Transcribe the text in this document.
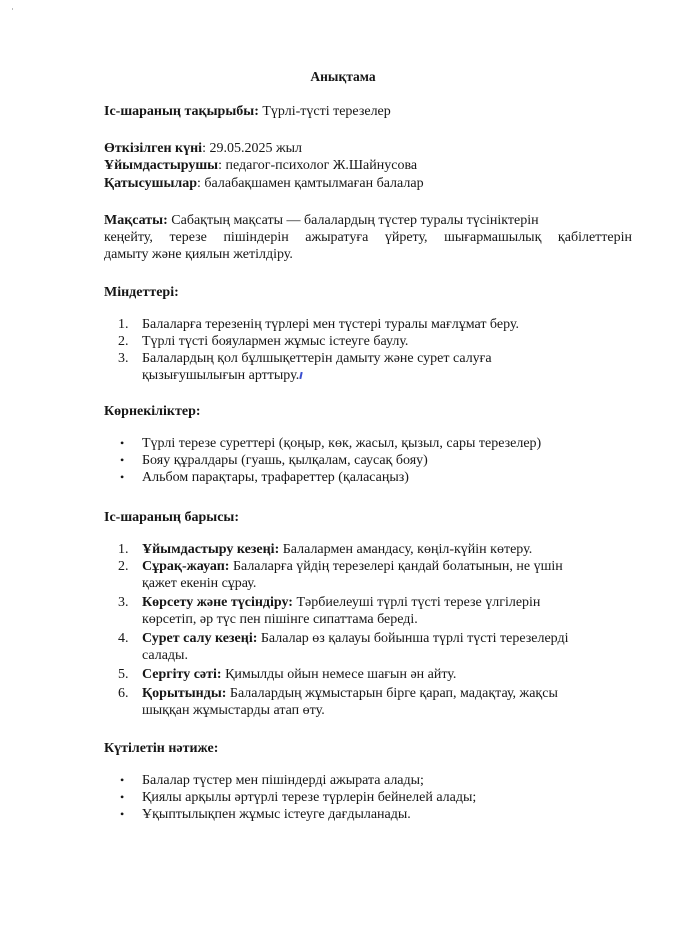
Анықтама
Іс-шараның тақырыбы: Түрлі-түсті терезелер
Өткізілген күні: 29.05.2025 жыл
Ұйымдастырушы: педагог-психолог Ж.Шайнусова
Қатысушылар: балабақшамен қамтылмаған балалар
Мақсаты: Сабақтың мақсаты — балалардың түстер туралы түсініктерін
кеңейту, терезе пішіндерін ажыратуға үйрету, шығармашылық қабілеттерін
дамыту және қиялын жетілдіру.
Міндеттері:
1. Балаларға терезенің түрлері мен түстері туралы мағлұмат беру.
2. Түрлі түсті бояулармен жұмыс істеуге баулу.
3. Балалардың қол бұлшықеттерін дамыту және сурет салуға
қызығушылығын арттыру.
Көрнекіліктер:
• Түрлі терезе суреттері (қоңыр, көк, жасыл, қызыл, сары терезелер)
• Бояу құралдары (гуашь, қылқалам, саусақ бояу)
• Альбом парақтары, трафареттер (қаласаңыз)
Іс-шараның барысы:
1. Ұйымдастыру кезеңі: Балалармен амандасу, көңіл-күйін көтеру.
2. Сұрақ-жауап: Балаларға үйдің терезелері қандай болатынын, не үшін
қажет екенін сұрау.
3. Көрсету және түсіндіру: Тәрбиелеуші түрлі түсті терезе үлгілерін
көрсетіп, әр түс пен пішінге сипаттама береді.
4. Сурет салу кезеңі: Балалар өз қалауы бойынша түрлі түсті терезелерді
салады.
5. Сергіту сәті: Қимылды ойын немесе шағын ән айту.
6. Қорытынды: Балалардың жұмыстарын бірге қарап, мадақтау, жақсы
шыққан жұмыстарды атап өту.
Күтілетін нәтиже:
• Балалар түстер мен пішіндерді ажырата алады;
• Қиялы арқылы әртүрлі терезе түрлерін бейнелей алады;
• Ұқыптылықпен жұмыс істеуге дағдыланады.
